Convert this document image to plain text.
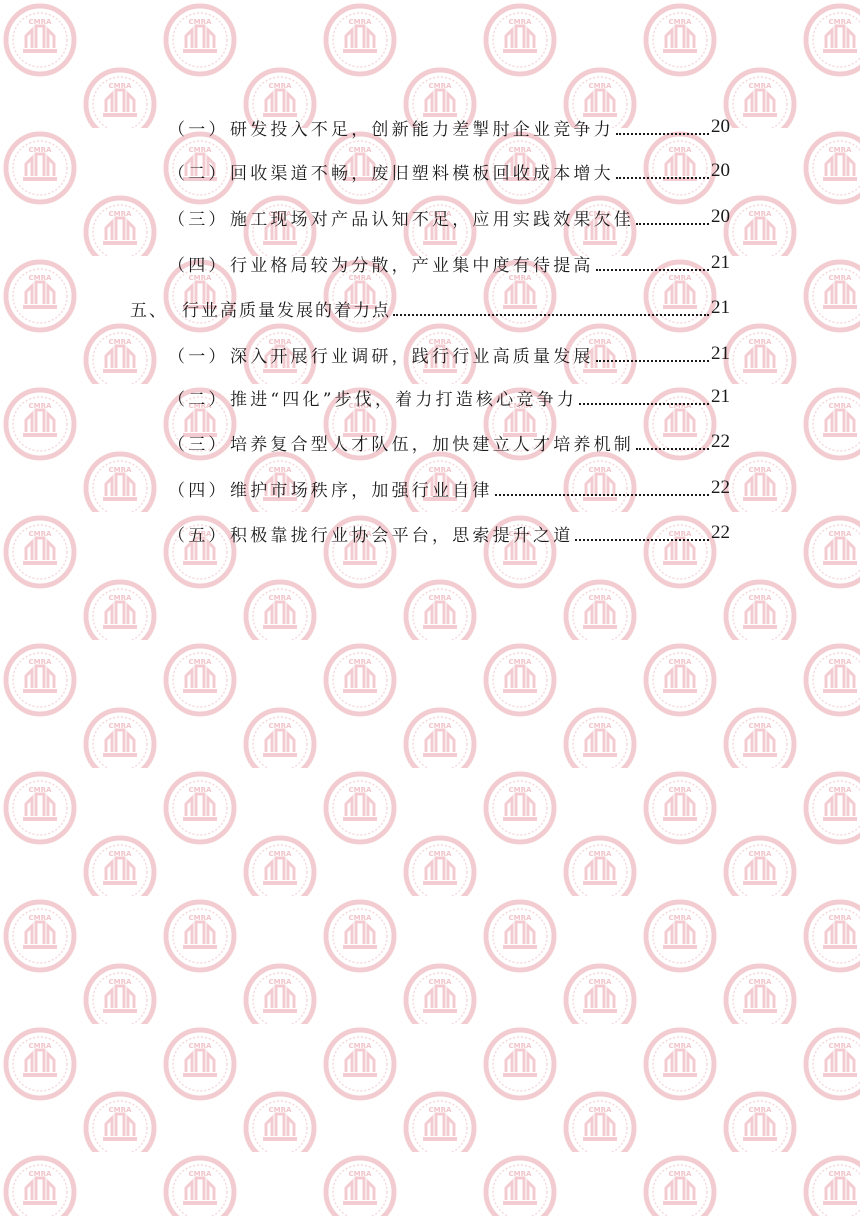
（一） 研发投入不足，创新能力差掣肘企业竞争力	20
（二） 回收渠道不畅，废旧塑料模板回收成本增大	20
（三） 施工现场对产品认知不足，应用实践效果欠佳	20
（四） 行业格局较为分散，产业集中度有待提高	21
五、 行业高质量发展的着力点	21
（一） 深入开展行业调研，践行行业高质量发展	21
（二） 推进“四化”步伐，着力打造核心竞争力	21
（三） 培养复合型人才队伍，加快建立人才培养机制	22
（四） 维护市场秩序，加强行业自律	22
（五） 积极靠拢行业协会平台，思索提升之道	22
